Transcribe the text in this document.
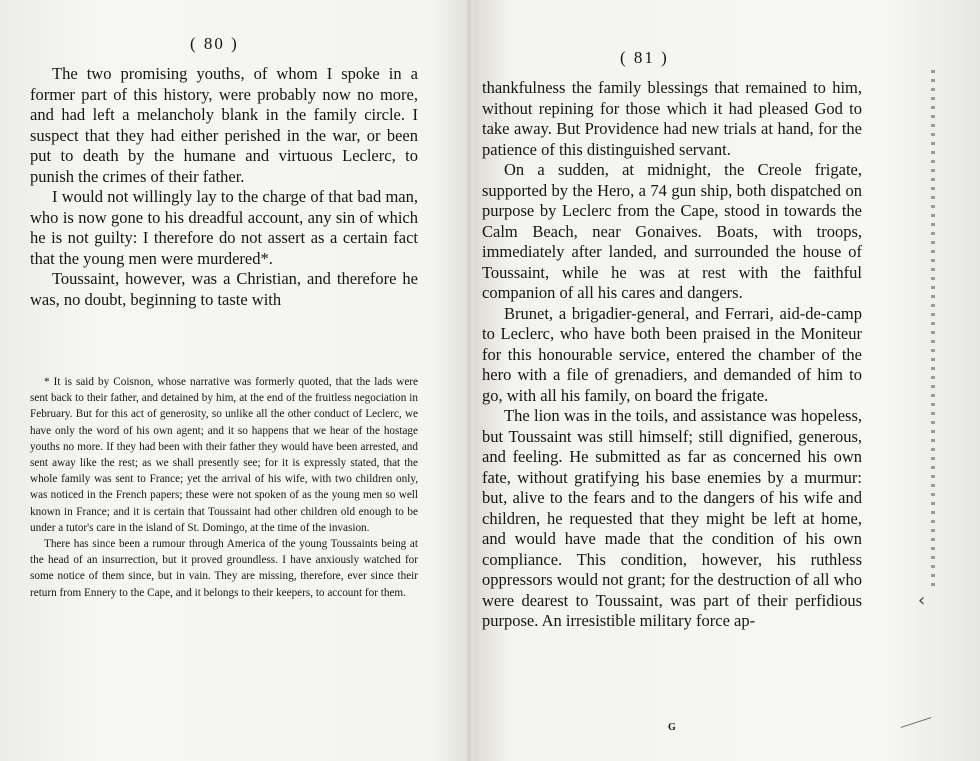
( 80 )

The two promising youths, of whom I spoke in a former part of this history, were probably now no more, and had left a melancholy blank in the family circle. I suspect that they had either perished in the war, or been put to death by the humane and virtuous Leclerc, to punish the crimes of their father.

I would not willingly lay to the charge of that bad man, who is now gone to his dreadful account, any sin of which he is not guilty: I therefore do not assert as a certain fact that the young men were murdered*.

Toussaint, however, was a Christian, and therefore he was, no doubt, beginning to taste with

* It is said by Coisnon, whose narrative was formerly quoted, that the lads were sent back to their father, and detained by him, at the end of the fruitless negociation in February. But for this act of generosity, so unlike all the other conduct of Leclerc, we have only the word of his own agent; and it so happens that we hear of the hostage youths no more. If they had been with their father they would have been arrested, and sent away like the rest; as we shall presently see; for it is expressly stated, that the whole family was sent to France; yet the arrival of his wife, with two children only, was noticed in the French papers; these were not spoken of as the young men so well known in France; and it is certain that Toussaint had other children old enough to be under a tutor's care in the island of St. Domingo, at the time of the invasion.

There has since been a rumour through America of the young Toussaints being at the head of an insurrection, but it proved groundless. I have anxiously watched for some notice of them since, but in vain. They are missing, therefore, ever since their return from Ennery to the Cape, and it belongs to their keepers, to account for them.

( 81 )

thankfulness the family blessings that remained to him, without repining for those which it had pleased God to take away. But Providence had new trials at hand, for the patience of this distinguished servant.

On a sudden, at midnight, the Creole frigate, supported by the Hero, a 74 gun ship, both dispatched on purpose by Leclerc from the Cape, stood in towards the Calm Beach, near Gonaives. Boats, with troops, immediately after landed, and surrounded the house of Toussaint, while he was at rest with the faithful companion of all his cares and dangers.

Brunet, a brigadier-general, and Ferrari, aid-de-camp to Leclerc, who have both been praised in the Moniteur for this honourable service, entered the chamber of the hero with a file of grenadiers, and demanded of him to go, with all his family, on board the frigate.

The lion was in the toils, and assistance was hopeless, but Toussaint was still himself; still dignified, generous, and feeling. He submitted as far as concerned his own fate, without gratifying his base enemies by a murmur: but, alive to the fears and to the dangers of his wife and children, he requested that they might be left at home, and would have made that the condition of his own compliance. This condition, however, his ruthless oppressors would not grant; for the destruction of all who were dearest to Toussaint, was part of their perfidious purpose. An irresistible military force ap-

G
‹
